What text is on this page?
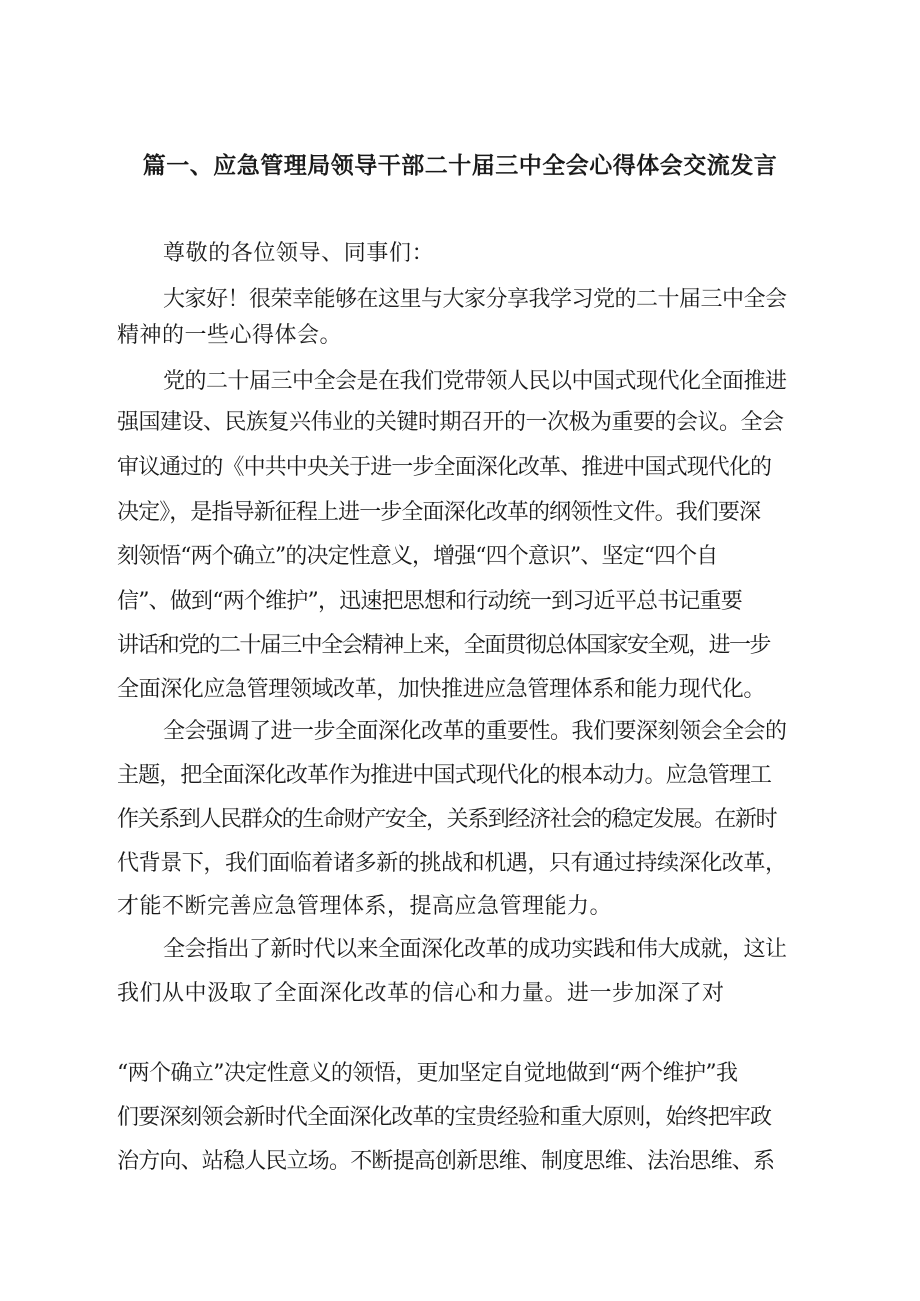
篇一、应急管理局领导干部二十届三中全会心得体会交流发言
尊敬的各位领导、同事们：
大家好！很荣幸能够在这里与大家分享我学习党的二十届三中全会
精神的一些心得体会。
党的二十届三中全会是在我们党带领人民以中国式现代化全面推进
强国建设、民族复兴伟业的关键时期召开的一次极为重要的会议。全会
审议通过的《中共中央关于进一步全面深化改革、推进中国式现代化的
决定》，是指导新征程上进一步全面深化改革的纲领性文件。我们要深
刻领悟“两个确立”的决定性意义，增强“四个意识”、坚定“四个自
信”、做到“两个维护”，迅速把思想和行动统一到习近平总书记重要
讲话和党的二十届三中全会精神上来，全面贯彻总体国家安全观，进一步
全面深化应急管理领域改革，加快推进应急管理体系和能力现代化。
全会强调了进一步全面深化改革的重要性。我们要深刻领会全会的
主题，把全面深化改革作为推进中国式现代化的根本动力。应急管理工
作关系到人民群众的生命财产安全，关系到经济社会的稳定发展。在新时
代背景下，我们面临着诸多新的挑战和机遇，只有通过持续深化改革，
才能不断完善应急管理体系，提高应急管理能力。
全会指出了新时代以来全面深化改革的成功实践和伟大成就，这让
我们从中汲取了全面深化改革的信心和力量。进一步加深了对
“两个确立”决定性意义的领悟，更加坚定自觉地做到“两个维护”我
们要深刻领会新时代全面深化改革的宝贵经验和重大原则，始终把牢政
治方向、站稳人民立场。不断提高创新思维、制度思维、法治思维、系
